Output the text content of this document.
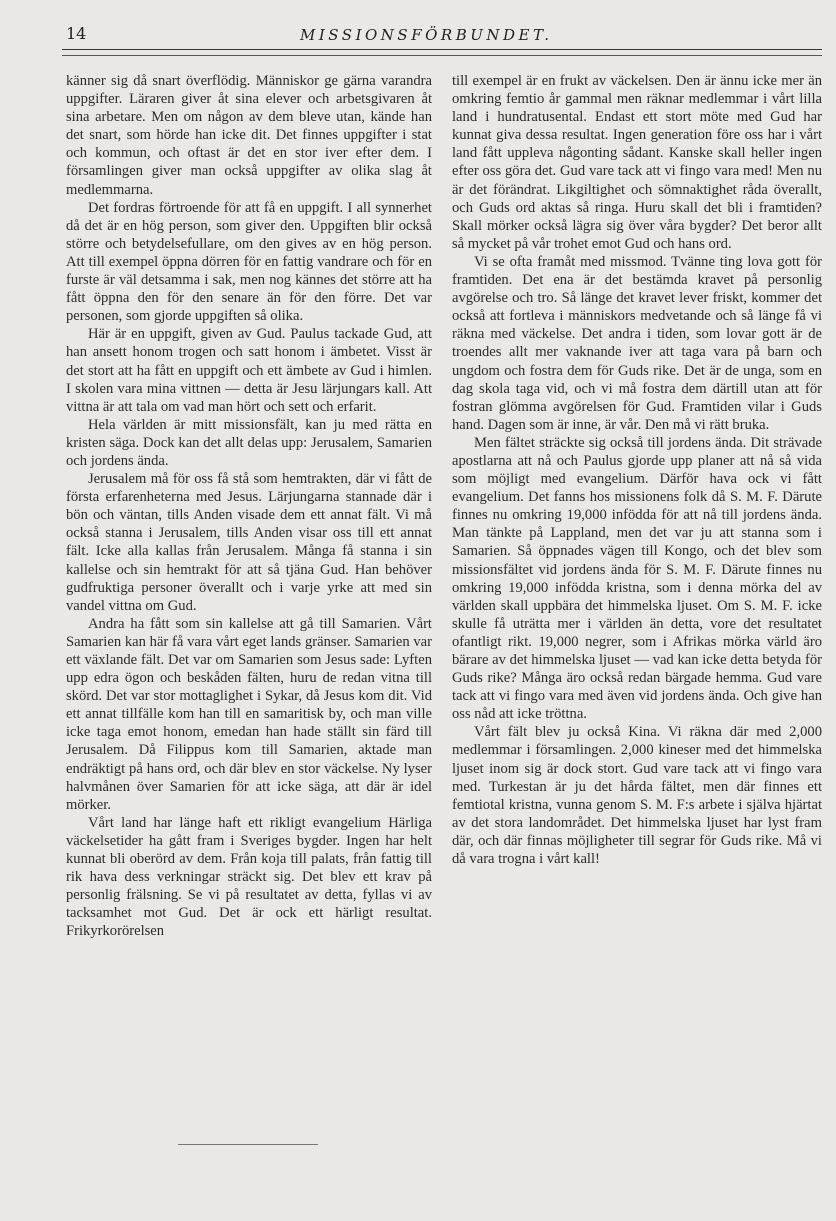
14	MISSIONSFÖRBUNDET.

känner sig då snart överflödig. Människor ge gärna varandra uppgifter. Läraren giver åt sina elever och arbetsgivaren åt sina arbetare. Men om någon av dem bleve utan, kände han det snart, som hörde han icke dit. Det finnes uppgifter i stat och kommun, och oftast är det en stor iver efter dem. I församlingen giver man också uppgifter av olika slag åt medlemmarna.

Det fordras förtroende för att få en uppgift. I all synnerhet då det är en hög person, som giver den. Uppgiften blir också större och betydelsefullare, om den gives av en hög person. Att till exempel öppna dörren för en fattig vandrare och för en furste är väl detsamma i sak, men nog kännes det större att ha fått öppna den för den senare än för den förre. Det var personen, som gjorde uppgiften så olika.

Här är en uppgift, given av Gud. Paulus tackade Gud, att han ansett honom trogen och satt honom i ämbetet. Visst är det stort att ha fått en uppgift och ett ämbete av Gud i himlen. I skolen vara mina vittnen — detta är Jesu lärjungars kall. Att vittna är att tala om vad man hört och sett och erfarit.

Hela världen är mitt missionsfält, kan ju med rätta en kristen säga. Dock kan det allt delas upp: Jerusalem, Samarien och jordens ända.

Jerusalem må för oss få stå som hemtrakten, där vi fått de första erfarenheterna med Jesus. Lärjungarna stannade där i bön och väntan, tills Anden visade dem ett annat fält. Vi må också stanna i Jerusalem, tills Anden visar oss till ett annat fält. Icke alla kallas från Jerusalem. Många få stanna i sin kallelse och sin hemtrakt för att så tjäna Gud. Han behöver gudfruktiga personer överallt och i varje yrke att med sin vandel vittna om Gud.

Andra ha fått som sin kallelse att gå till Samarien. Vårt Samarien kan här få vara vårt eget lands gränser. Samarien var ett växlande fält. Det var om Samarien som Jesus sade: Lyften upp edra ögon och beskåden fälten, huru de redan vitna till skörd. Det var stor mottaglighet i Sykar, då Jesus kom dit. Vid ett annat tillfälle kom han till en samaritisk by, och man ville icke taga emot honom, emedan han hade ställt sin färd till Jerusalem. Då Filippus kom till Samarien, aktade man endräktigt på hans ord, och där blev en stor väckelse. Ny lyser halvmånen över Samarien för att icke säga, att där är idel mörker.

Vårt land har länge haft ett rikligt evangelium Härliga väckelsetider ha gått fram i Sveriges bygder. Ingen har helt kunnat bli oberörd av dem. Från koja till palats, från fattig till rik hava dess verkningar sträckt sig. Det blev ett krav på personlig frälsning. Se vi på resultatet av detta, fyllas vi av tacksamhet mot Gud. Det är ock ett härligt resultat. Frikyrkorörelsen

till exempel är en frukt av väckelsen. Den är ännu icke mer än omkring femtio år gammal men räknar medlemmar i vårt lilla land i hundratusental. Endast ett stort möte med Gud har kunnat giva dessa resultat. Ingen generation före oss har i vårt land fått uppleva någonting sådant. Kanske skall heller ingen efter oss göra det. Gud vare tack att vi fingo vara med! Men nu är det förändrat. Likgiltighet och sömnaktighet råda överallt, och Guds ord aktas så ringa. Huru skall det bli i framtiden? Skall mörker också lägra sig över våra bygder? Det beror allt så mycket på vår trohet emot Gud och hans ord.

Vi se ofta framåt med missmod. Tvänne ting lova gott för framtiden. Det ena är det bestämda kravet på personlig avgörelse och tro. Så länge det kravet lever friskt, kommer det också att fortleva i människors medvetande och så länge få vi räkna med väckelse. Det andra i tiden, som lovar gott är de troendes allt mer vaknande iver att taga vara på barn och ungdom och fostra dem för Guds rike. Det är de unga, som en dag skola taga vid, och vi må fostra dem därtill utan att för fostran glömma avgörelsen för Gud. Framtiden vilar i Guds hand. Dagen som är inne, är vår. Den må vi rätt bruka.

Men fältet sträckte sig också till jordens ända. Dit strävade apostlarna att nå och Paulus gjorde upp planer att nå så vida som möjligt med evangelium. Därför hava ock vi fått evangelium. Det fanns hos missionens folk då S. M. F. Därute finnes nu omkring 19,000 infödda för att nå till jordens ända. Man tänkte på Lappland, men det var ju att stanna som i Samarien. Så öppnades vägen till Kongo, och det blev som missionsfältet vid jordens ända för S. M. F. Därute finnes nu omkring 19,000 infödda kristna, som i denna mörka del av världen skall uppbära det himmelska ljuset. Om S. M. F. icke skulle få uträtta mer i världen än detta, vore det resultatet ofantligt rikt. 19,000 negrer, som i Afrikas mörka värld äro bärare av det himmelska ljuset — vad kan icke detta betyda för Guds rike? Många äro också redan bärgade hemma. Gud vare tack att vi fingo vara med även vid jordens ända. Och give han oss nåd att icke tröttna.

Vårt fält blev ju också Kina. Vi räkna där med 2,000 medlemmar i församlingen. 2,000 kineser med det himmelska ljuset inom sig är dock stort. Gud vare tack att vi fingo vara med. Turkestan är ju det hårda fältet, men där finnes ett femtiotal kristna, vunna genom S. M. F:s arbete i själva hjärtat av det stora landområdet. Det himmelska ljuset har lyst fram där, och där finnas möjligheter till segrar för Guds rike. Må vi då vara trogna i vårt kall!
